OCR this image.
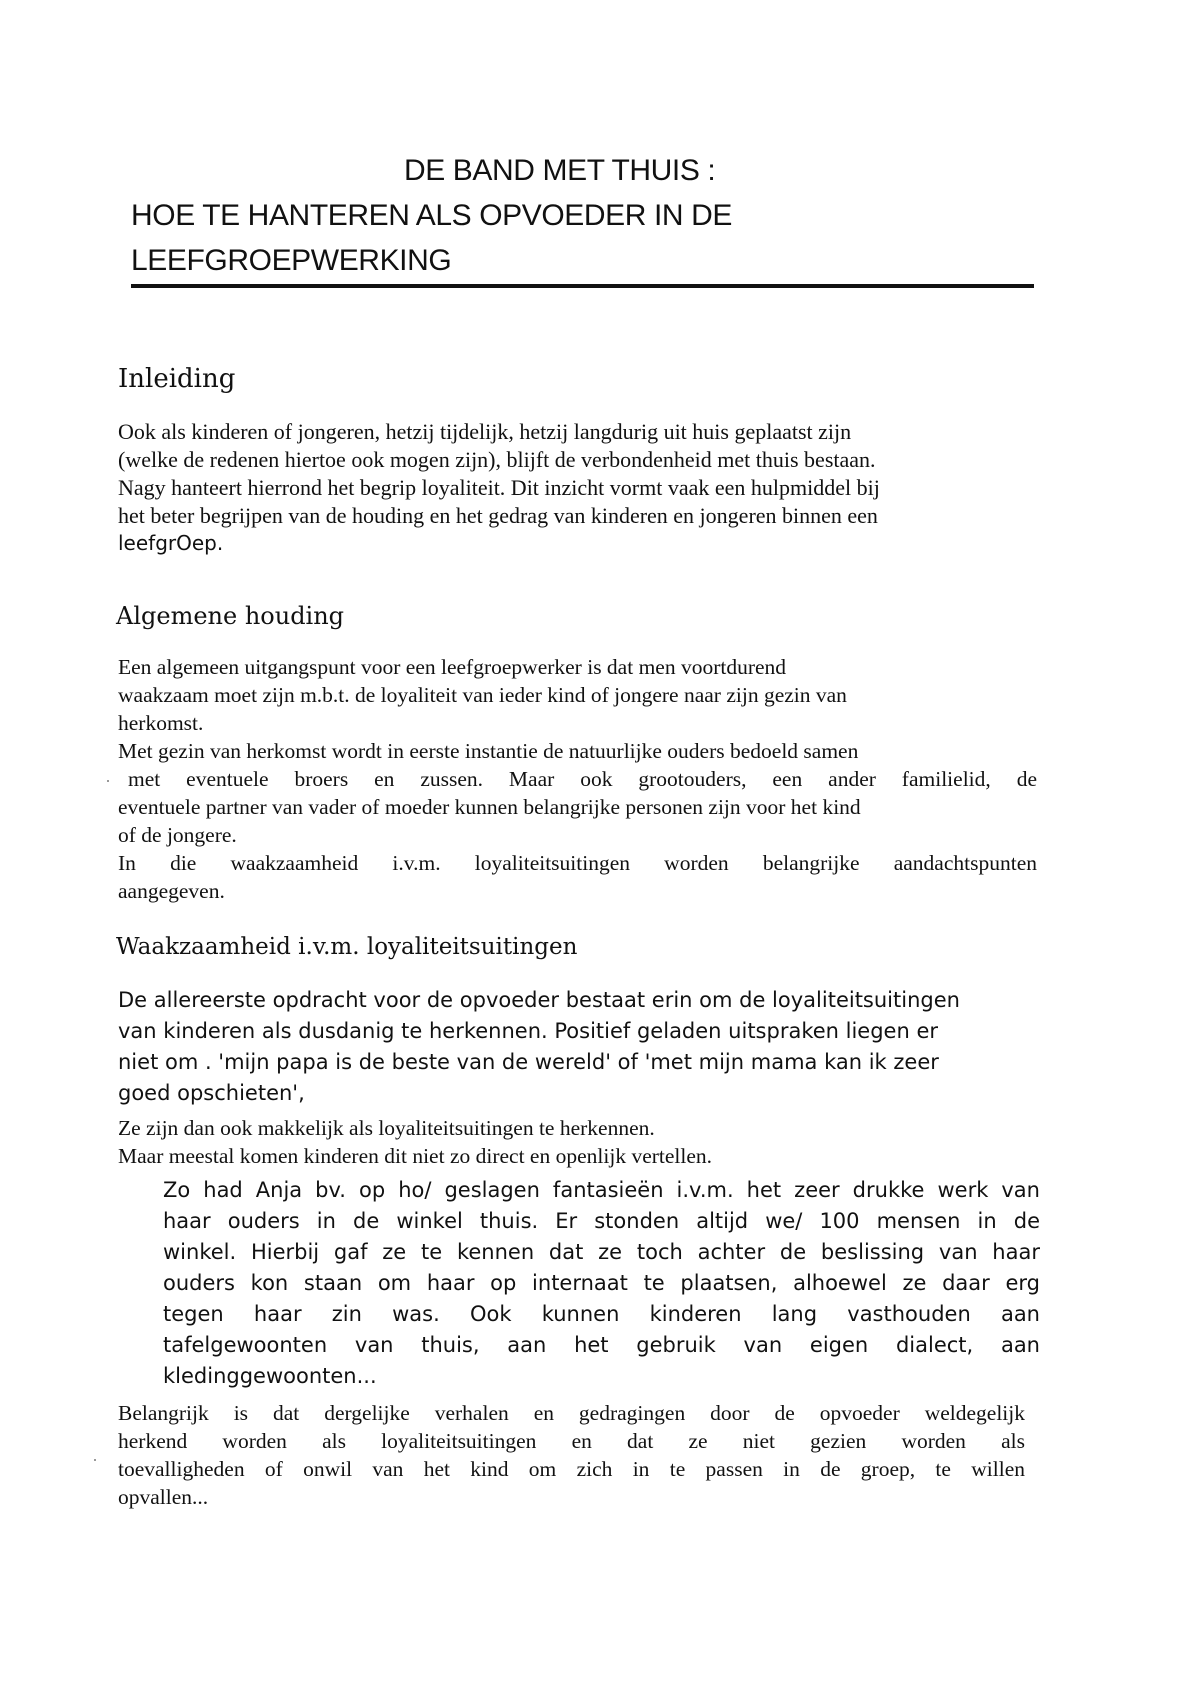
DE BAND MET THUIS :
HOE TE HANTEREN ALS OPVOEDER IN DE
LEEFGROEPWERKING
Inleiding
Ook als kinderen of jongeren, hetzij tijdelijk, hetzij langdurig uit huis geplaatst zijn
(welke de redenen hiertoe ook mogen zijn), blijft de verbondenheid met thuis bestaan.
Nagy hanteert hierrond het begrip loyaliteit. Dit inzicht vormt vaak een hulpmiddel bij
het beter begrijpen van de houding en het gedrag van kinderen en jongeren binnen een
leefgrOep.
Algemene houding
Een algemeen uitgangspunt voor een leefgroepwerker is dat men voortdurend
waakzaam moet zijn m.b.t. de loyaliteit van ieder kind of jongere naar zijn gezin van
herkomst.
Met gezin van herkomst wordt in eerste instantie de natuurlijke ouders bedoeld samen
met eventuele broers en zussen. Maar ook grootouders, een ander familielid, de
eventuele partner van vader of moeder kunnen belangrijke personen zijn voor het kind
of de jongere.
In die waakzaamheid i.v.m. loyaliteitsuitingen worden belangrijke aandachtspunten
aangegeven.
Waakzaamheid i.v.m. loyaliteitsuitingen
De allereerste opdracht voor de opvoeder bestaat erin om de loyaliteitsuitingen
van kinderen als dusdanig te herkennen. Positief geladen uitspraken liegen er
niet om . 'mijn papa is de beste van de wereld' of 'met mijn mama kan ik zeer
goed opschieten',
Ze zijn dan ook makkelijk als loyaliteitsuitingen te herkennen.
Maar meestal komen kinderen dit niet zo direct en openlijk vertellen.
Zo had Anja bv. op ho/ geslagen fantasieën i.v.m. het zeer drukke werk van
haar ouders in de winkel thuis. Er stonden altijd we/ 100 mensen in de
winkel. Hierbij gaf ze te kennen dat ze toch achter de beslissing van haar
ouders kon staan om haar op internaat te plaatsen, alhoewel ze daar erg
tegen haar zin was. Ook kunnen kinderen lang vasthouden aan
tafelgewoonten van thuis, aan het gebruik van eigen dialect, aan
kledinggewoonten...
Belangrijk is dat dergelijke verhalen en gedragingen door de opvoeder weldegelijk
herkend worden als loyaliteitsuitingen en dat ze niet gezien worden als
toevalligheden of onwil van het kind om zich in te passen in de groep, te willen
opvallen...
